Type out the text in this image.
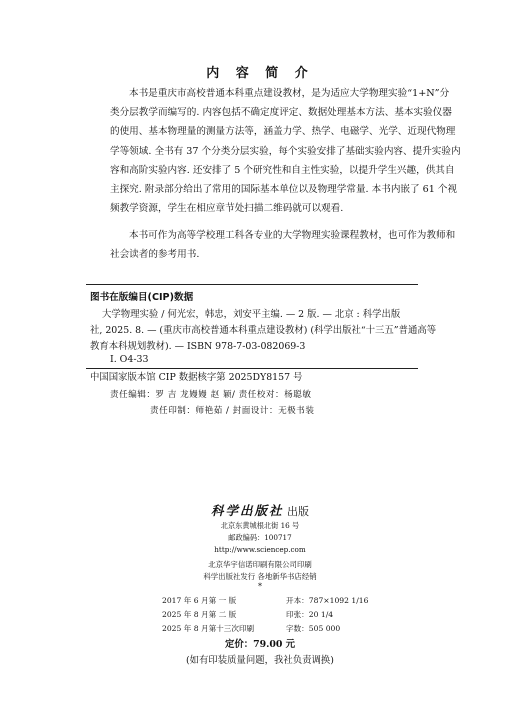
内 容 简 介
本书是重庆市高校普通本科重点建设教材，是为适应大学物理实验“1+N”分
类分层教学而编写的. 内容包括不确定度评定、数据处理基本方法、基本实验仪器
的使用、基本物理量的测量方法等，涵盖力学、热学、电磁学、光学、近现代物理
学等领域. 全书有 37 个分类分层实验，每个实验安排了基础实验内容、提升实验内
容和高阶实验内容. 还安排了 5 个研究性和自主性实验，以提升学生兴趣，供其自
主探究. 附录部分给出了常用的国际基本单位以及物理学常量. 本书内嵌了 61 个视
频教学资源，学生在相应章节处扫描二维码就可以观看.
本书可作为高等学校理工科各专业的大学物理实验课程教材，也可作为教师和
社会读者的参考用书.
图书在版编目(CIP)数据
大学物理实验 / 何光宏，韩忠，刘安平主编. — 2 版. — 北京 : 科学出版
社, 2025. 8. — (重庆市高校普通本科重点建设教材) (科学出版社“十三五”普通高等
教育本科规划教材). — ISBN 978-7-03-082069-3
Ⅰ. O4-33
中国国家版本馆 CIP 数据核字第 2025DY8157 号
责任编辑：罗 吉 龙嫚嫚 赵 颖/ 责任校对：杨聪敏
责任印制：师艳茹 / 封面设计：无极书装
科学出版社 出版
北京东黄城根北街 16 号
邮政编码：100717
http://www.sciencep.com
北京华宇信诺印刷有限公司印刷
科学出版社发行 各地新华书店经销
*
2017 年 6 月第 一 版	开本：787×1092 1/16
2025 年 8 月第 二 版	印张：20 1/4
2025 年 8 月第十三次印刷	字数：505 000
定价：79.00 元
(如有印装质量问题，我社负责调换)
